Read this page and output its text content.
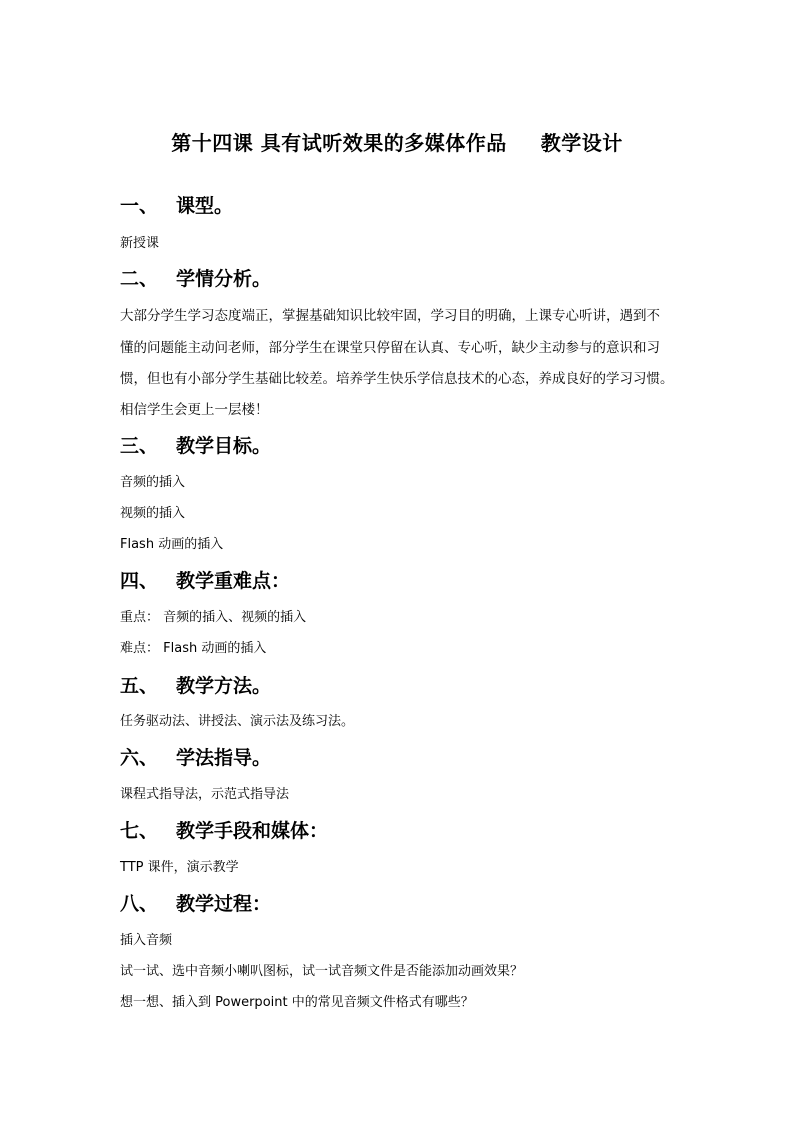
第十四课 具有试听效果的多媒体作品 教学设计
一、 课型。
新授课
二、 学情分析。
大部分学生学习态度端正，掌握基础知识比较牢固，学习目的明确，上课专心听讲，遇到不
懂的问题能主动问老师，部分学生在课堂只停留在认真、专心听，缺少主动参与的意识和习
惯，但也有小部分学生基础比较差。培养学生快乐学信息技术的心态，养成良好的学习习惯。
相信学生会更上一层楼！
三、 教学目标。
音频的插入
视频的插入
Flash 动画的插入
四、 教学重难点：
重点： 音频的插入、视频的插入
难点： Flash 动画的插入
五、 教学方法。
任务驱动法、讲授法、演示法及练习法。
六、 学法指导。
课程式指导法，示范式指导法
七、 教学手段和媒体：
TTP 课件，演示教学
八、 教学过程：
插入音频
试一试、选中音频小喇叭图标，试一试音频文件是否能添加动画效果？
想一想、插入到 Powerpoint 中的常见音频文件格式有哪些？
